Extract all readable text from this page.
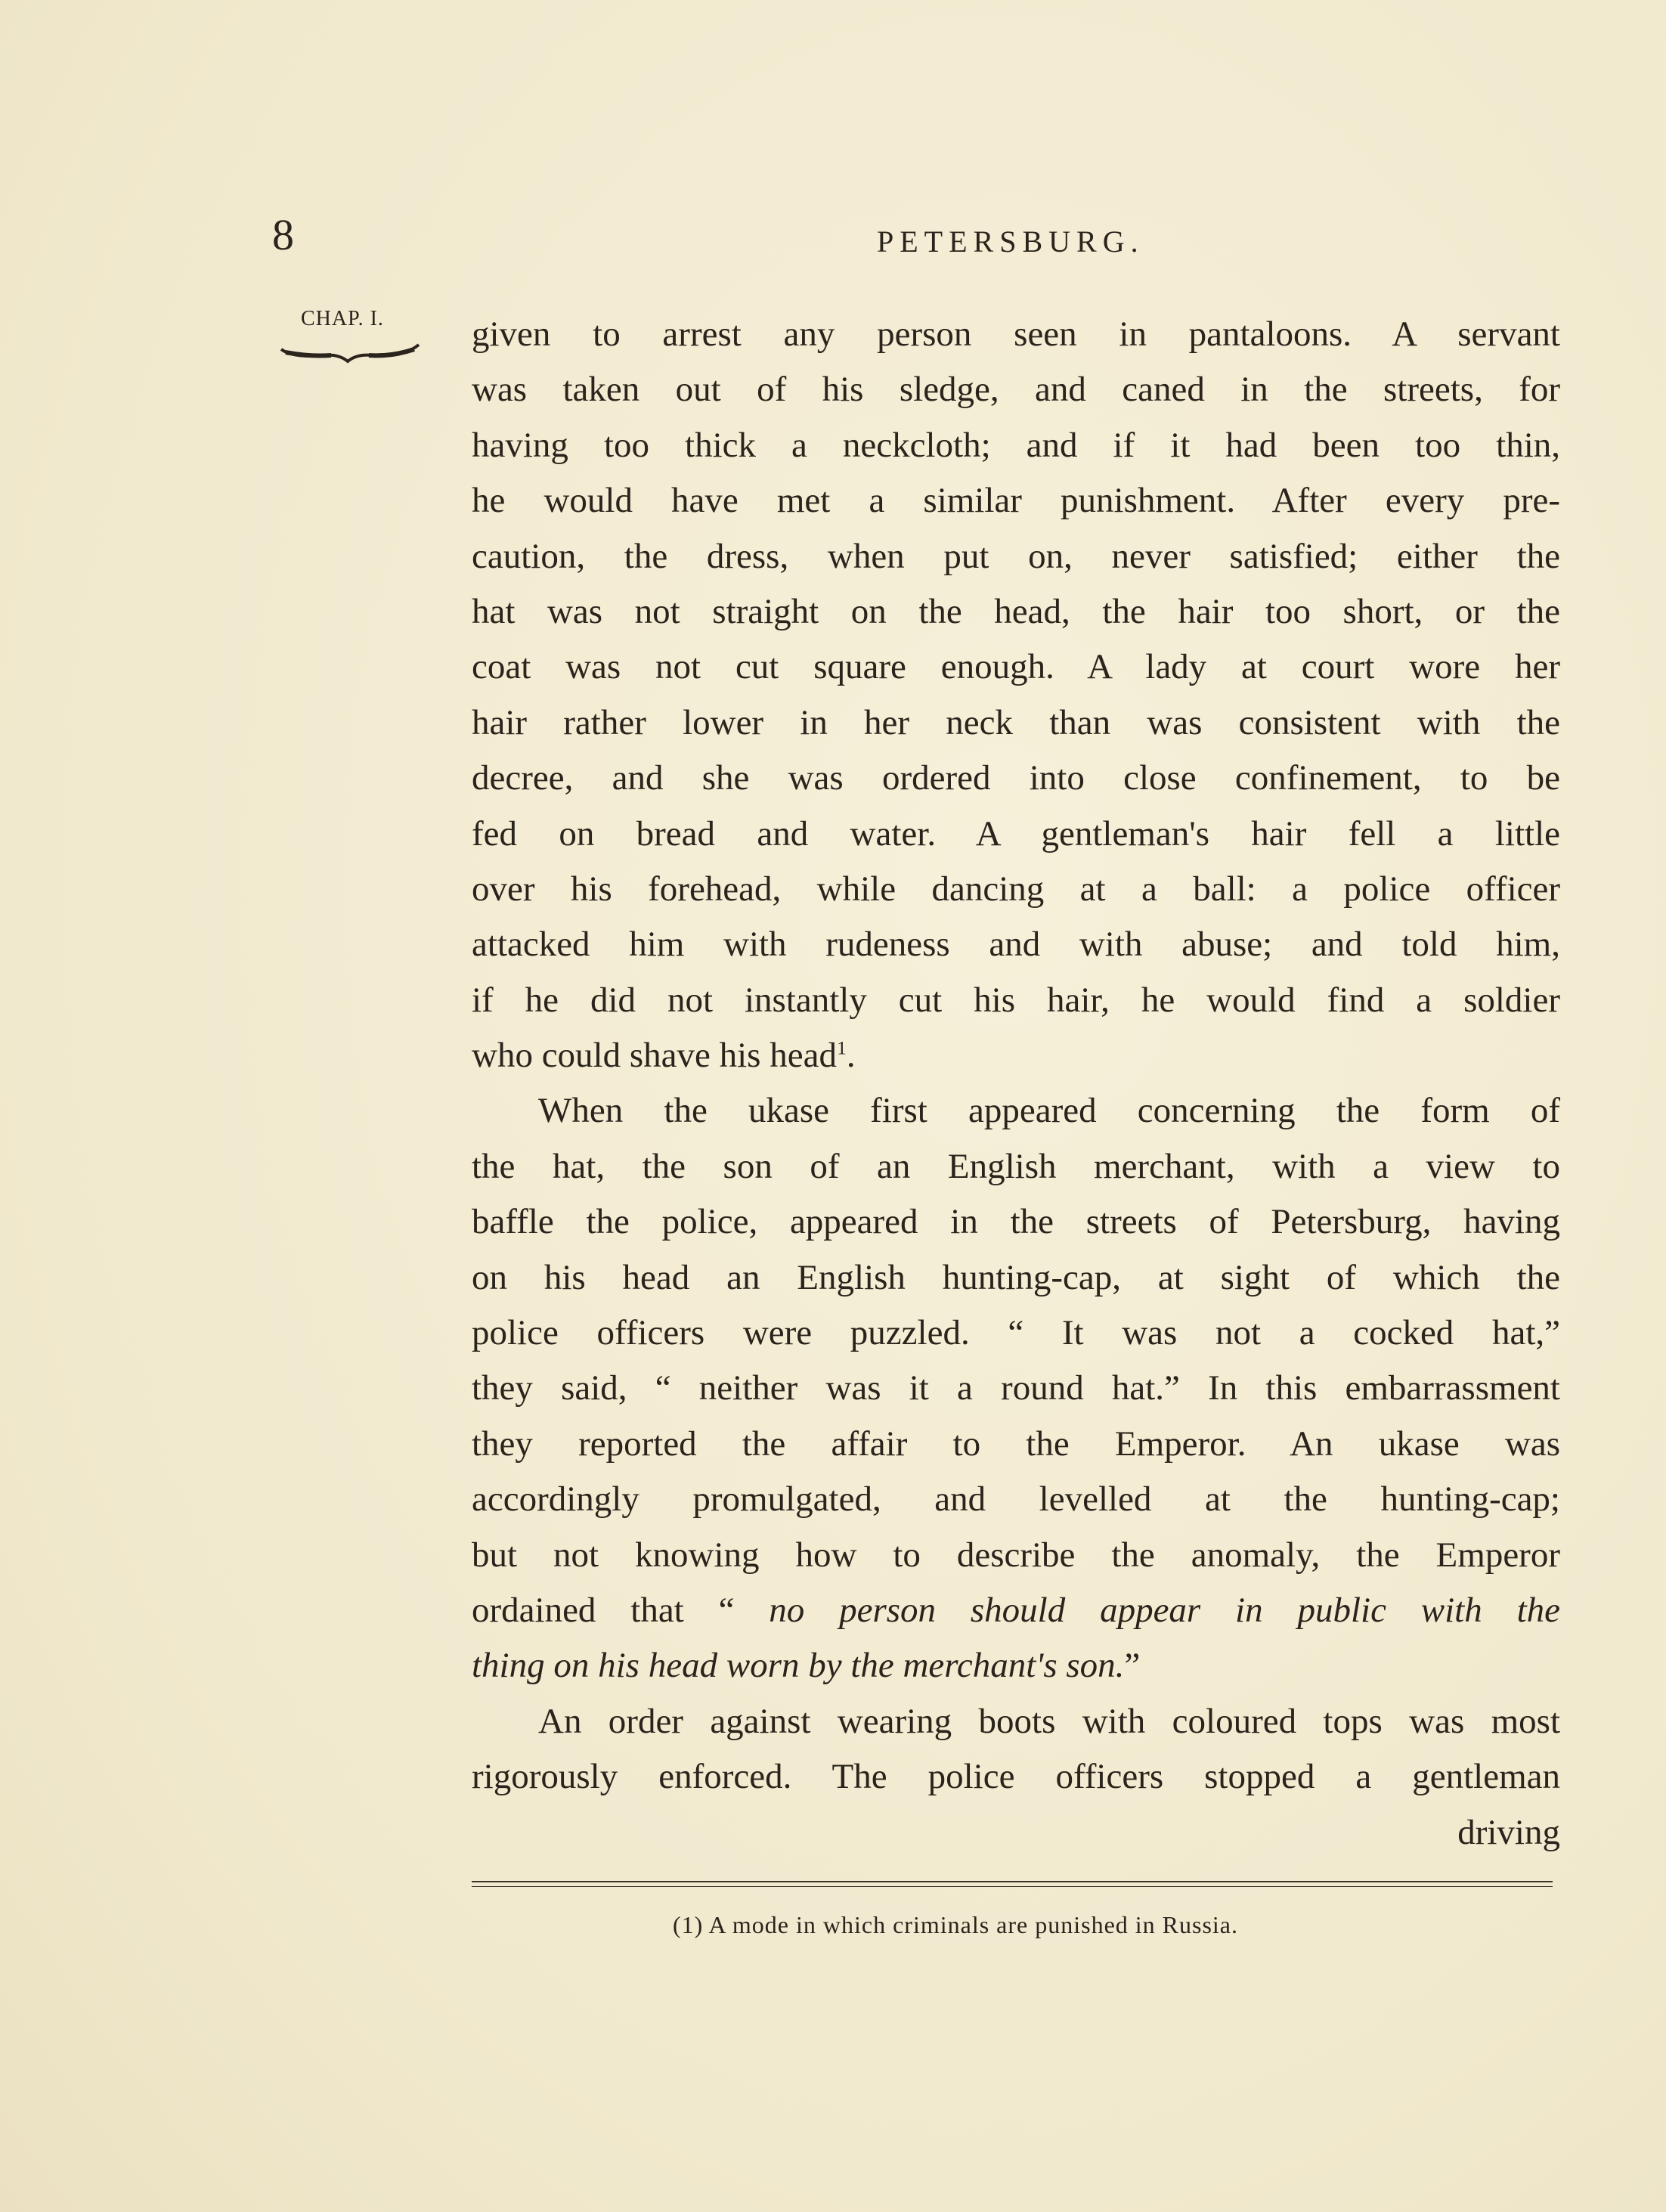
8	PETERSBURG.
CHAP. I. given to arrest any person seen in pantaloons. A servant
was taken out of his sledge, and caned in the streets, for
having too thick a neckcloth; and if it had been too thin,
he would have met a similar punishment. After every pre-
caution, the dress, when put on, never satisfied; either the
hat was not straight on the head, the hair too short, or the
coat was not cut square enough. A lady at court wore her
hair rather lower in her neck than was consistent with the
decree, and she was ordered into close confinement, to be
fed on bread and water. A gentleman's hair fell a little
over his forehead, while dancing at a ball: a police officer
attacked him with rudeness and with abuse; and told him,
if he did not instantly cut his hair, he would find a soldier
who could shave his head$^1$.
When the ukase first appeared concerning the form of
the hat, the son of an English merchant, with a view to
baffle the police, appeared in the streets of Petersburg, having
on his head an English hunting-cap, at sight of which the
police officers were puzzled. “ It was not a cocked hat,”
they said, “ neither was it a round hat.” In this embarrassment
they reported the affair to the Emperor. An ukase was
accordingly promulgated, and levelled at the hunting-cap;
but not knowing how to describe the anomaly, the Emperor
ordained that “ no person should appear in public with the
thing on his head worn by the merchant's son.”
An order against wearing boots with coloured tops was most
rigorously enforced. The police officers stopped a gentleman
driving
(1) A mode in which criminals are punished in Russia.
